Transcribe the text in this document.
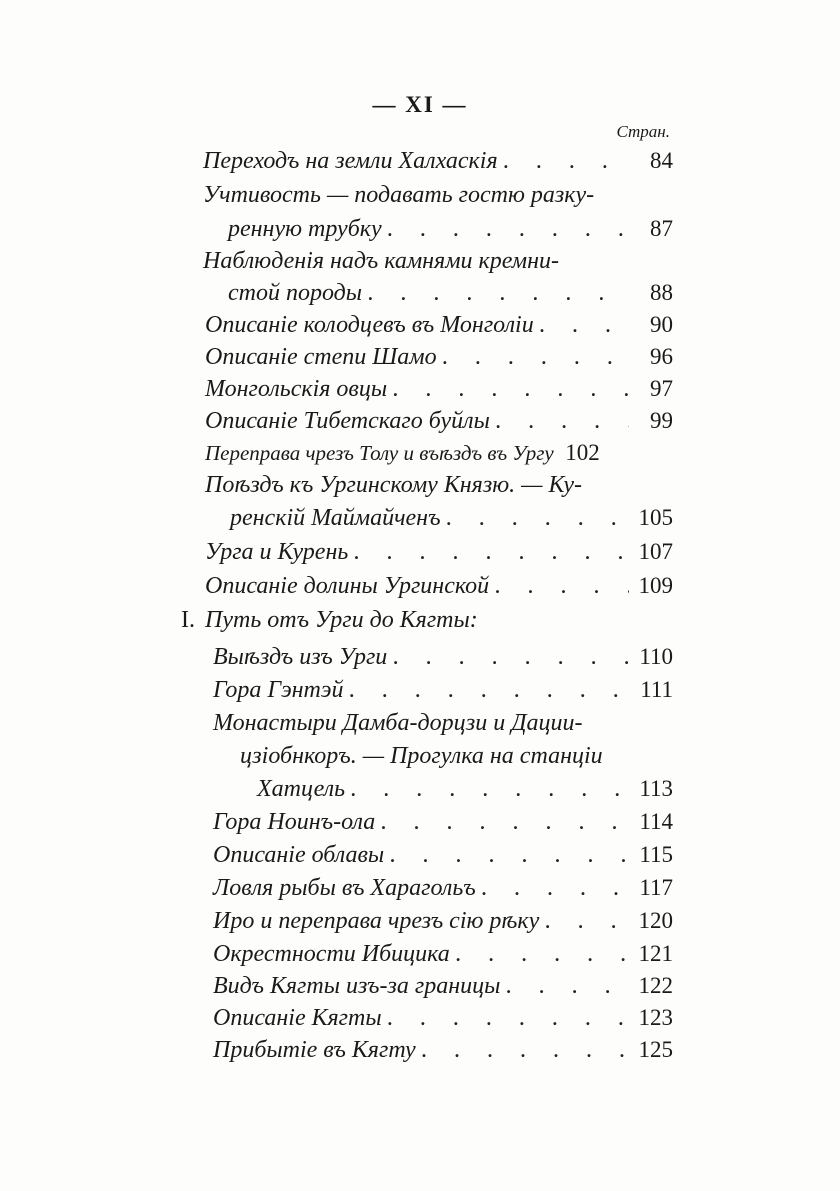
— XI —
Стран.
Переходъ на земли Халхаскія . . .	84
Учтивость — подавать гостю разку-
ренную трубку . . .	87
Наблюденія надъ камнями кремни-
стой породы . . .	88
Описаніе колодцевъ въ Монголіи . . .	90
Описаніе степи Шамо . . .	96
Монгольскія овцы . . .	97
Описаніе Тибетскаго буйлы . . .	99
Переправа чрезъ Толу и въѣздъ въ Ургу 102
Поѣздъ къ Ургинскому Князю. — Ку-
ренскій Маймайченъ . . .	105
Урга и Курень . . .	107
Описаніе долины Ургинской . . .	109
I. Путь отъ Урги до Кягты:
Выѣздъ изъ Урги . . .	110
Гора Гэнтэй . . .	111
Монастыри Дамба-дорцзи и Дации-
цзіобнкоръ. — Прогулка на станціи
Хатцель . . .	113
Гора Ноинъ-ола . . .	114
Описаніе облавы . . .	115
Ловля рыбы въ Харагольъ . . .	117
Иро и переправа чрезъ сію рѣку . . .	120
Окрестности Ибицика . . .	121
Видъ Кягты изъ-за границы . . .	122
Описаніе Кягты . . .	123
Прибытіе въ Кягту . . .	125
